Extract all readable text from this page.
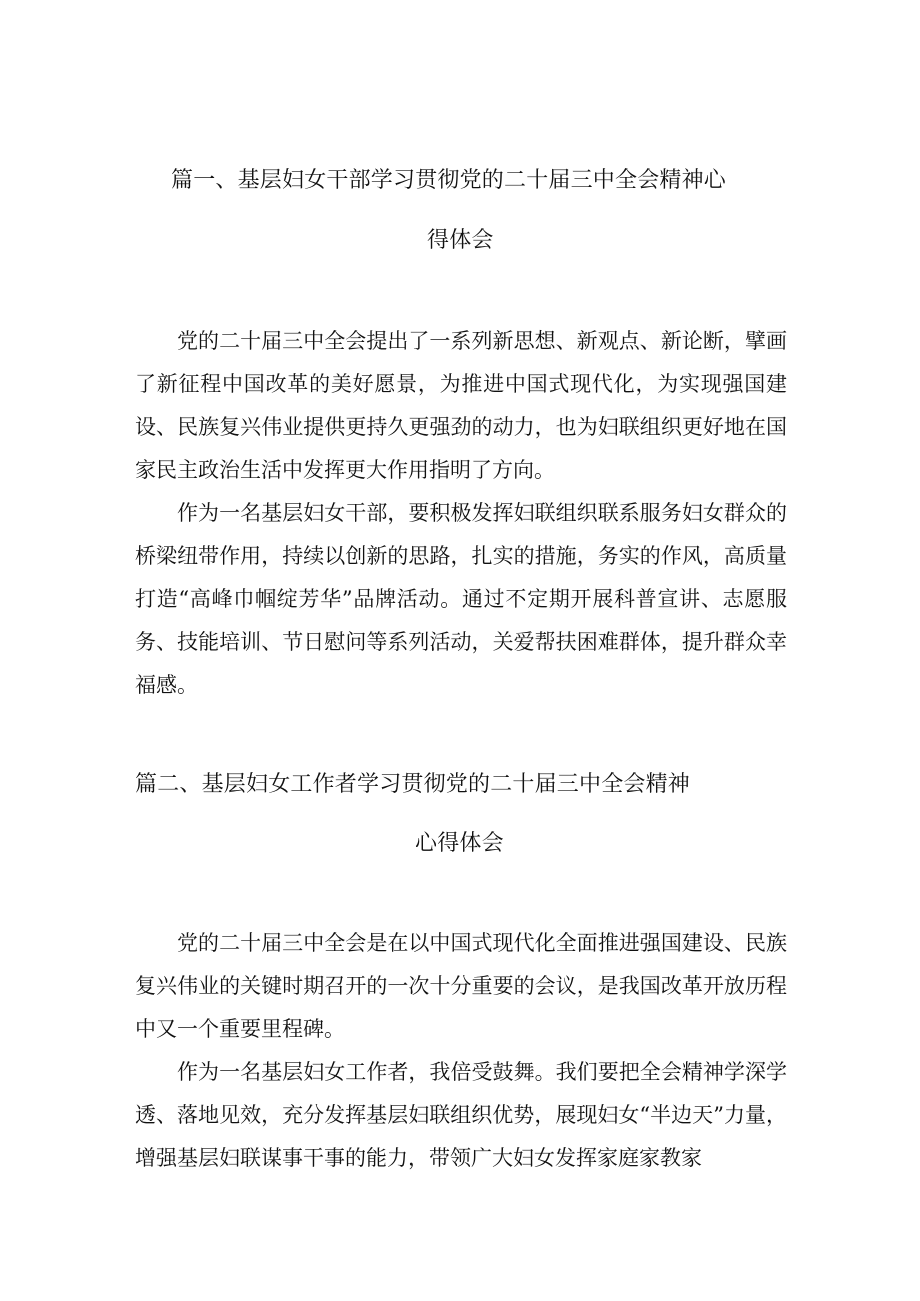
篇一、基层妇女干部学习贯彻党的二十届三中全会精神心
得体会

党的二十届三中全会提出了一系列新思想、新观点、新论断，擘画了新征程中国改革的美好愿景，为推进中国式现代化，为实现强国建设、民族复兴伟业提供更持久更强劲的动力，也为妇联组织更好地在国家民主政治生活中发挥更大作用指明了方向。

作为一名基层妇女干部，要积极发挥妇联组织联系服务妇女群众的桥梁纽带作用，持续以创新的思路，扎实的措施，务实的作风，高质量打造“高峰巾帼绽芳华”品牌活动。通过不定期开展科普宣讲、志愿服务、技能培训、节日慰问等系列活动，关爱帮扶困难群体，提升群众幸福感。

篇二、基层妇女工作者学习贯彻党的二十届三中全会精神
心得体会

党的二十届三中全会是在以中国式现代化全面推进强国建设、民族复兴伟业的关键时期召开的一次十分重要的会议，是我国改革开放历程中又一个重要里程碑。

作为一名基层妇女工作者，我倍受鼓舞。我们要把全会精神学深学透、落地见效，充分发挥基层妇联组织优势，展现妇女“半边天”力量，增强基层妇联谋事干事的能力，带领广大妇女发挥家庭家教家
